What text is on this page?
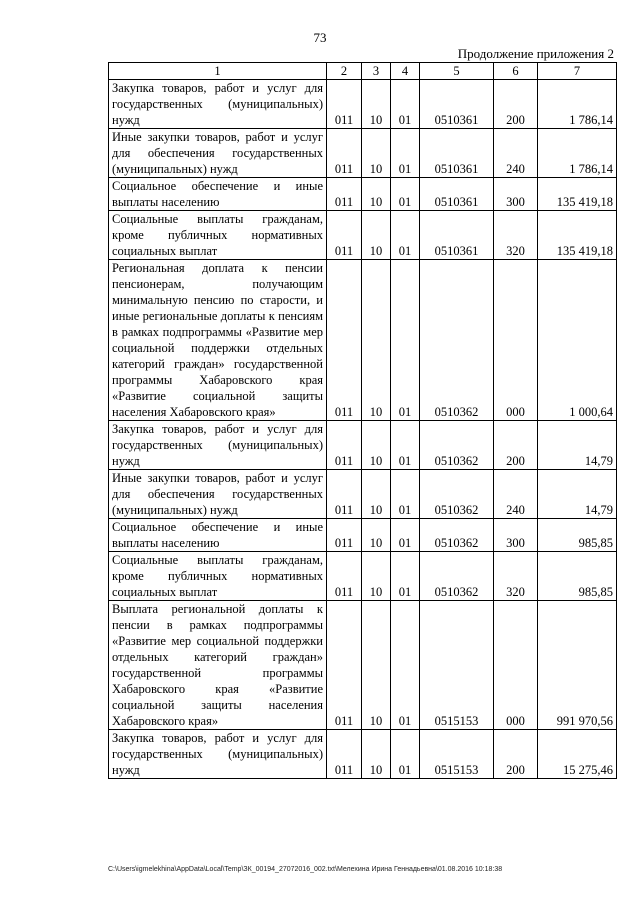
73
Продолжение приложения 2
1	2	3	4	5	6	7
Закупка товаров, работ и услуг для государственных (муниципальных) нужд	011	10	01	0510361	200	1 786,14
Иные закупки товаров, работ и услуг для обеспечения государственных (муниципальных) нужд	011	10	01	0510361	240	1 786,14
Социальное обеспечение и иные выплаты населению	011	10	01	0510361	300	135 419,18
Социальные выплаты гражданам, кроме публичных нормативных социальных выплат	011	10	01	0510361	320	135 419,18
Региональная доплата к пенсии пенсионерам, получающим минимальную пенсию по старости, и иные региональные доплаты к пенсиям в рамках подпрограммы «Развитие мер социальной поддержки отдельных категорий граждан» государственной программы Хабаровского края «Развитие социальной защиты населения Хабаровского края»	011	10	01	0510362	000	1 000,64
Закупка товаров, работ и услуг для государственных (муниципальных) нужд	011	10	01	0510362	200	14,79
Иные закупки товаров, работ и услуг для обеспечения государственных (муниципальных) нужд	011	10	01	0510362	240	14,79
Социальное обеспечение и иные выплаты населению	011	10	01	0510362	300	985,85
Социальные выплаты гражданам, кроме публичных нормативных социальных выплат	011	10	01	0510362	320	985,85
Выплата региональной доплаты к пенсии в рамках подпрограммы «Развитие мер социальной поддержки отдельных категорий граждан» государственной программы Хабаровского края «Развитие социальной защиты населения Хабаровского края»	011	10	01	0515153	000	991 970,56
Закупка товаров, работ и услуг для государственных (муниципальных) нужд	011	10	01	0515153	200	15 275,46
C:\Users\igmelekhina\AppData\Local\Temp\ЗК_00194_27072016_002.txt\Мелехина Ирина Геннадьевна\01.08.2016 10:18:38
